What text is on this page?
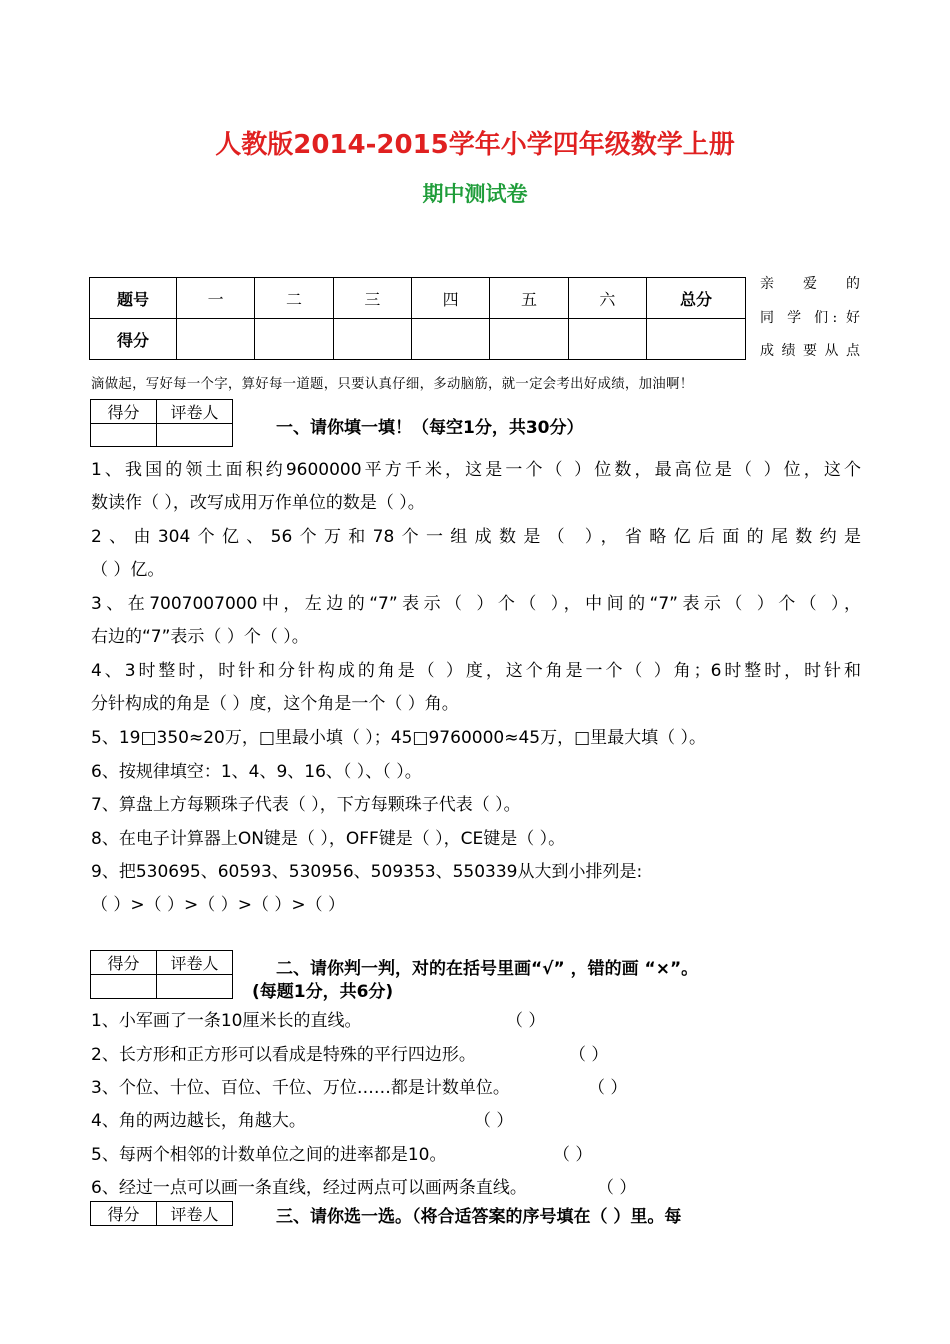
人教版2014-2015学年小学四年级数学上册
期中测试卷
题号	一	二	三	四	五	六	总分
得分							
亲 爱 的
同 学 们: 好
成 绩 要 从 点
滴做起，写好每一个字，算好每一道题，只要认真仔细，多动脑筋，就一定会考出好成绩，加油啊！
得分	评卷人

一、请你填一填！（每空1分，共30分）
1、我国的领土面积约9600000平方千米，这是一个（ ）位数，最高位是（ ）位，这个
数读作（ ），改写成用万作单位的数是（ ）。
2、由304个亿、56个万和78个一组成数是（ ），省略亿后面的尾数约是
（ ）亿。
3、在7007007000中，左边的“7”表示（ ）个（ ），中间的“7”表示（ ）个（ ），
右边的“7”表示（ ）个（ ）。
4、3时整时，时针和分针构成的角是（ ）度，这个角是一个（ ）角；6时整时，时针和
分针构成的角是（ ）度，这个角是一个（ ）角。
5、19□350≈20万，□里最小填（ ）；45□9760000≈45万，□里最大填（ ）。
6、按规律填空：1、4、9、16、（ ）、（ ）。
7、算盘上方每颗珠子代表（ ），下方每颗珠子代表（ ）。
8、在电子计算器上ON键是（ ），OFF键是（ ），CE键是（ ）。
9、把530695、60593、530956、509353、550339从大到小排列是:
（ ）>（ ）>（ ）>（ ）>（ ）
得分	评卷人
		二、请你判一判，对的在括号里画“√” ，错的画 “×”。
(每题1分，共6分)
1、小军画了一条10厘米长的直线。	（ ）
2、长方形和正方形可以看成是特殊的平行四边形。	（ ）
3、个位、十位、百位、千位、万位……都是计数单位。	（ ）
4、角的两边越长，角越大。	（ ）
5、每两个相邻的计数单位之间的进率都是10。	（ ）
6、经过一点可以画一条直线，经过两点可以画两条直线。	（ ）
得分	评卷人	三、请你选一选。（将合适答案的序号填在（ ）里。每
